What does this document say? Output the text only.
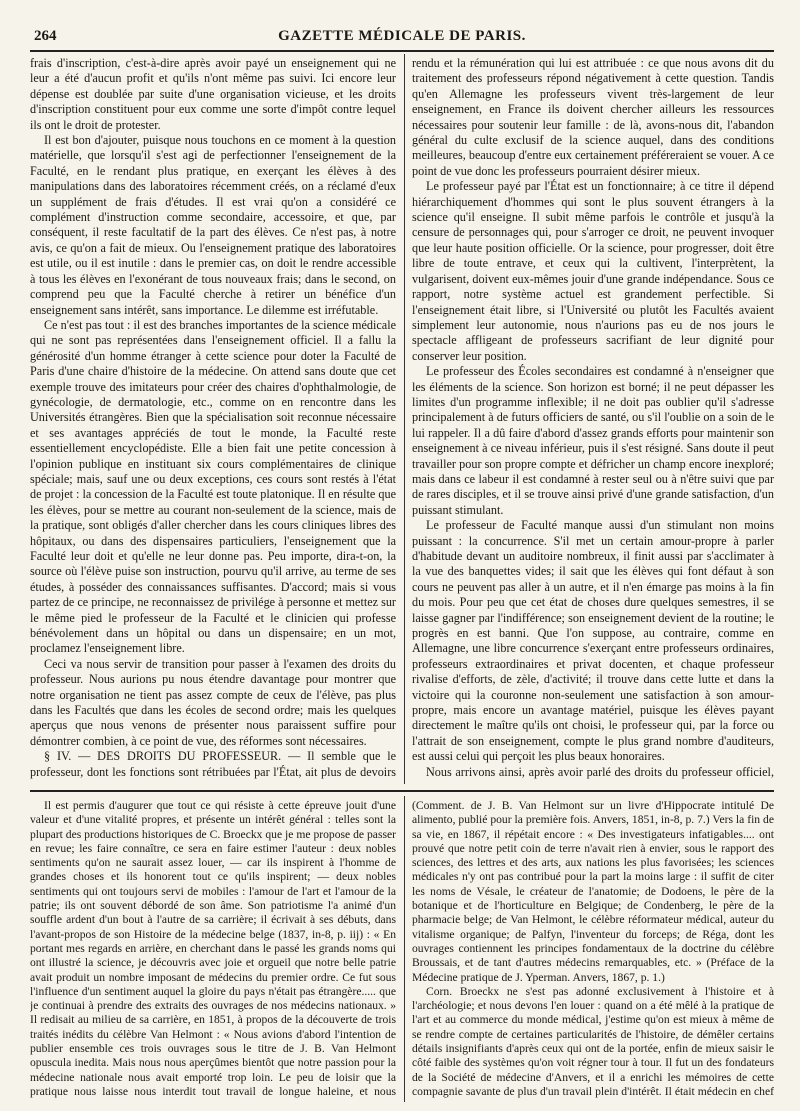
264	GAZETTE MÉDICALE DE PARIS.

frais d'inscription, c'est-à-dire après avoir payé un enseignement qui ne leur a été d'aucun profit et qu'ils n'ont même pas suivi. Ici encore leur dépense est doublée par suite d'une organisation vicieuse, et les droits d'inscription constituent pour eux comme une sorte d'impôt contre lequel ils ont le droit de protester.

Il est bon d'ajouter, puisque nous touchons en ce moment à la question matérielle, que lorsqu'il s'est agi de perfectionner l'enseignement de la Faculté, en le rendant plus pratique, en exerçant les élèves à des manipulations dans des laboratoires récemment créés, on a réclamé d'eux un supplément de frais d'études. Il est vrai qu'on a considéré ce complément d'instruction comme secondaire, accessoire, et que, par conséquent, il reste facultatif de la part des élèves. Ce n'est pas, à notre avis, ce qu'on a fait de mieux. Ou l'enseignement pratique des laboratoires est utile, ou il est inutile : dans le premier cas, on doit le rendre accessible à tous les élèves en l'exonérant de tous nouveaux frais; dans le second, on comprend peu que la Faculté cherche à retirer un bénéfice d'un enseignement sans intérêt, sans importance. Le dilemme est irréfutable.

Ce n'est pas tout : il est des branches importantes de la science médicale qui ne sont pas représentées dans l'enseignement officiel. Il a fallu la générosité d'un homme étranger à cette science pour doter la Faculté de Paris d'une chaire d'histoire de la médecine. On attend sans doute que cet exemple trouve des imitateurs pour créer des chaires d'ophthalmologie, de gynécologie, de dermatologie, etc., comme on en rencontre dans les Universités étrangères. Bien que la spécialisation soit reconnue nécessaire et ses avantages appréciés de tout le monde, la Faculté reste essentiellement encyclopédiste. Elle a bien fait une petite concession à l'opinion publique en instituant six cours complémentaires de clinique spéciale; mais, sauf une ou deux exceptions, ces cours sont restés à l'état de projet : la concession de la Faculté est toute platonique. Il en résulte que les élèves, pour se mettre au courant non-seulement de la science, mais de la pratique, sont obligés d'aller chercher dans les cours cliniques libres des hôpitaux, ou dans des dispensaires particuliers, l'enseignement que la Faculté leur doit et qu'elle ne leur donne pas. Peu importe, dira-t-on, la source où l'élève puise son instruction, pourvu qu'il arrive, au terme de ses études, à posséder des connaissances suffisantes. D'accord; mais si vous partez de ce principe, ne reconnaissez de privilége à personne et mettez sur le même pied le professeur de la Faculté et le clinicien qui professe bénévolement dans un hôpital ou dans un dispensaire; en un mot, proclamez l'enseignement libre.

Ceci va nous servir de transition pour passer à l'examen des droits du professeur. Nous aurions pu nous étendre davantage pour montrer que notre organisation ne tient pas assez compte de ceux de l'élève, pas plus dans les Facultés que dans les écoles de second ordre; mais les quelques aperçus que nous venons de présenter nous paraissent suffire pour démontrer combien, à ce point de vue, des réformes sont nécessaires.

§ IV. — DES DROITS DU PROFESSEUR. — Il semble que le professeur, dont les fonctions sont rétribuées par l'État, ait plus de devoirs

rendu et la rémunération qui lui est attribuée : ce que nous avons dit du traitement des professeurs répond négativement à cette question. Tandis qu'en Allemagne les professeurs vivent très-largement de leur enseignement, en France ils doivent chercher ailleurs les ressources nécessaires pour soutenir leur famille : de là, avons-nous dit, l'abandon général du culte exclusif de la science auquel, dans des conditions meilleures, beaucoup d'entre eux certainement préféreraient se vouer. A ce point de vue donc les professeurs pourraient désirer mieux.

Le professeur payé par l'État est un fonctionnaire; à ce titre il dépend hiérarchiquement d'hommes qui sont le plus souvent étrangers à la science qu'il enseigne. Il subit même parfois le contrôle et jusqu'à la censure de personnages qui, pour s'arroger ce droit, ne peuvent invoquer que leur haute position officielle. Or la science, pour progresser, doit être libre de toute entrave, et ceux qui la cultivent, l'interprètent, la vulgarisent, doivent eux-mêmes jouir d'une grande indépendance. Sous ce rapport, notre système actuel est grandement perfectible. Si l'enseignement était libre, si l'Université ou plutôt les Facultés avaient simplement leur autonomie, nous n'aurions pas eu de nos jours le spectacle affligeant de professeurs sacrifiant de leur dignité pour conserver leur position.

Le professeur des Écoles secondaires est condamné à n'enseigner que les éléments de la science. Son horizon est borné; il ne peut dépasser les limites d'un programme inflexible; il ne doit pas oublier qu'il s'adresse principalement à de futurs officiers de santé, ou s'il l'oublie on a soin de le lui rappeler. Il a dû faire d'abord d'assez grands efforts pour maintenir son enseignement à ce niveau inférieur, puis il s'est résigné. Sans doute il peut travailler pour son propre compte et défricher un champ encore inexploré; mais dans ce labeur il est condamné à rester seul ou à n'être suivi que par de rares disciples, et il se trouve ainsi privé d'une grande satisfaction, d'un puissant stimulant.

Le professeur de Faculté manque aussi d'un stimulant non moins puissant : la concurrence. S'il met un certain amour-propre à parler d'habitude devant un auditoire nombreux, il finit aussi par s'acclimater à la vue des banquettes vides; il sait que les élèves qui font défaut à son cours ne peuvent pas aller à un autre, et il n'en émarge pas moins à la fin du mois. Pour peu que cet état de choses dure quelques semestres, il se laisse gagner par l'indifférence; son enseignement devient de la routine; le progrès en est banni. Que l'on suppose, au contraire, comme en Allemagne, une libre concurrence s'exerçant entre professeurs ordinaires, professeurs extraordinaires et privat docenten, et chaque professeur rivalise d'efforts, de zèle, d'activité; il trouve dans cette lutte et dans la victoire qui la couronne non-seulement une satisfaction à son amour-propre, mais encore un avantage matériel, puisque les élèves payant directement le maître qu'ils ont choisi, le professeur qui, par la force ou l'attrait de son enseignement, compte le plus grand nombre d'auditeurs, est aussi celui qui perçoit les plus beaux honoraires.

Nous arrivons ainsi, après avoir parlé des droits du professeur officiel,

Il est permis d'augurer que tout ce qui résiste à cette épreuve jouit d'une valeur et d'une vitalité propres, et présente un intérêt général : telles sont la plupart des productions historiques de C. Broeckx que je me propose de passer en revue; les faire connaître, ce sera en faire estimer l'auteur : deux nobles sentiments qu'on ne saurait assez louer, — car ils inspirent à l'homme de grandes choses et ils honorent tout ce qu'ils inspirent; — deux nobles sentiments qui ont toujours servi de mobiles : l'amour de l'art et l'amour de la patrie; ils ont souvent débordé de son âme. Son patriotisme l'a animé d'un souffle ardent d'un bout à l'autre de sa carrière; il écrivait à ses débuts, dans l'avant-propos de son Histoire de la médecine belge (1837, in-8, p. iij) : « En portant mes regards en arrière, en cherchant dans le passé les grands noms qui ont illustré la science, je découvris avec joie et orgueil que notre belle patrie avait produit un nombre imposant de médecins du premier ordre. Ce fut sous l'influence d'un sentiment auquel la gloire du pays n'était pas étrangère..... que je continuai à prendre des extraits des ouvrages de nos médecins nationaux. » Il redisait au milieu de sa carrière, en 1851, à propos de la découverte de trois traités inédits du célèbre Van Helmont : « Nous avions d'abord l'intention de publier ensemble ces trois ouvrages sous le titre de J. B. Van Helmont opuscula inedita. Mais nous nous aperçûmes bientôt que notre passion pour la médecine nationale nous avait emporté trop loin. Le peu de loisir que la pratique nous laisse nous interdit tout travail de longue haleine, et nous

(Comment. de J. B. Van Helmont sur un livre d'Hippocrate intitulé De alimento, publié pour la première fois. Anvers, 1851, in-8, p. 7.) Vers la fin de sa vie, en 1867, il répétait encore : « Des investigateurs infatigables.... ont prouvé que notre petit coin de terre n'avait rien à envier, sous le rapport des sciences, des lettres et des arts, aux nations les plus favorisées; les sciences médicales n'y ont pas contribué pour la part la moins large : il suffit de citer les noms de Vésale, le créateur de l'anatomie; de Dodoens, le père de la botanique et de l'horticulture en Belgique; de Condenberg, le père de la pharmacie belge; de Van Helmont, le célèbre réformateur médical, auteur du vitalisme organique; de Palfyn, l'inventeur du forceps; de Réga, dont les ouvrages contiennent les principes fondamentaux de la doctrine du célèbre Broussais, et de tant d'autres médecins remarquables, etc. » (Préface de la Médecine pratique de J. Yperman. Anvers, 1867, p. 1.)

Corn. Broeckx ne s'est pas adonné exclusivement à l'histoire et à l'archéologie; et nous devons l'en louer : quand on a été mêlé à la pratique de l'art et au commerce du monde médical, j'estime qu'on est mieux à même de se rendre compte de certaines particularités de l'histoire, de démêler certains détails insignifiants d'après ceux qui ont de la portée, enfin de mieux saisir le côté faible des systèmes qu'on voit régner tour à tour. Il fut un des fondateurs de la Société de médecine d'Anvers, et il a enrichi les mémoires de cette compagnie savante de plus d'un travail plein d'intérêt. Il était médecin en chef
